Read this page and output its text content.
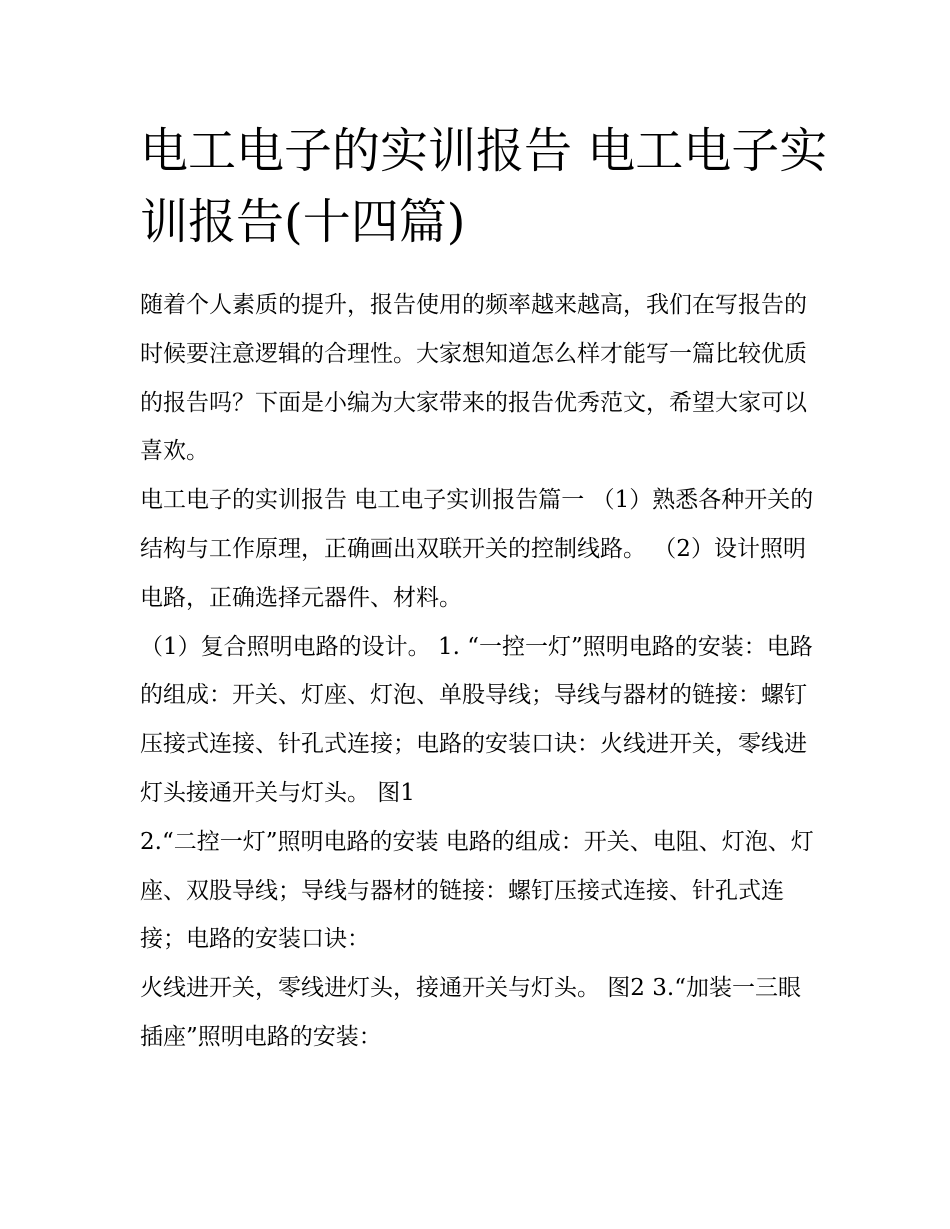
电工电子的实训报告 电工电子实训报告(十四篇)

随着个人素质的提升，报告使用的频率越来越高，我们在写报告的时候要注意逻辑的合理性。大家想知道怎么样才能写一篇比较优质的报告吗？下面是小编为大家带来的报告优秀范文，希望大家可以喜欢。

电工电子的实训报告 电工电子实训报告篇一 （1）熟悉各种开关的结构与工作原理，正确画出双联开关的控制线路。 （2）设计照明电路，正确选择元器件、材料。

（1）复合照明电路的设计。 1. “一控一灯”照明电路的安装：电路的组成：开关、灯座、灯泡、单股导线；导线与器材的链接：螺钉压接式连接、针孔式连接；电路的安装口诀：火线进开关，零线进灯头接通开关与灯头。 图1

2.“二控一灯”照明电路的安装 电路的组成：开关、电阻、灯泡、灯座、双股导线；导线与器材的链接：螺钉压接式连接、针孔式连接；电路的安装口诀：

火线进开关，零线进灯头，接通开关与灯头。 图2 3.“加装一三眼插座”照明电路的安装：
